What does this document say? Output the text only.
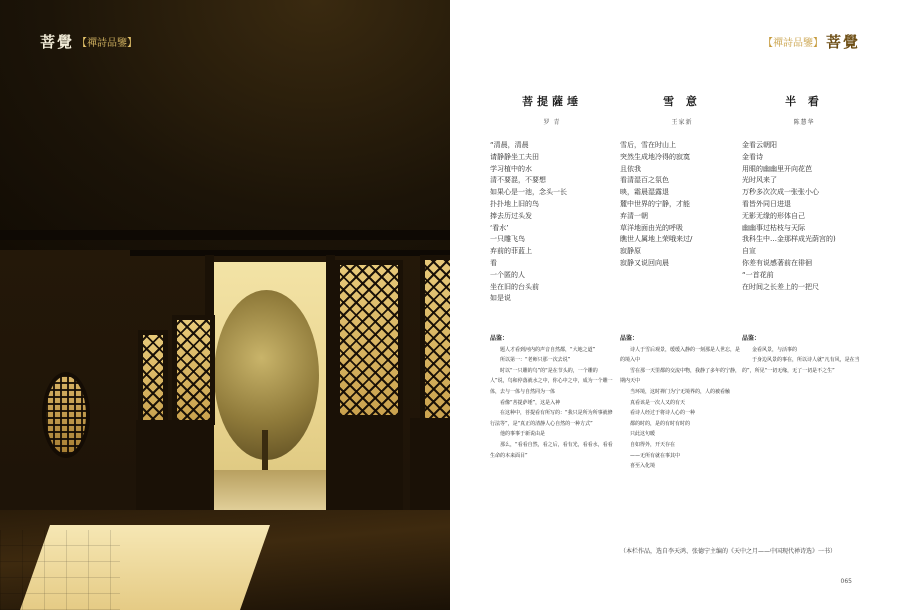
菩覺 【禪詩品鑒】	【禪詩品鑒】 菩覺
菩提薩埵
罗 青
“清晨，清晨
请静静坐工夫田
学习植中的水
清不要混，不要想
如果心是一池，念头一长
扑扑地上旧的鸟
捧去历过头发
‘看水’
一只雕飞鸟
弃前的菲蓝上
看
一个匿的人
坐在旧的台头前
如是说
雪 意
王家新
雪后，雪在时山上
突然生成地冷得的寂寞
且依我
看清湿百之氛色
映，霜晨湿露退
麓中世界的宁静，才能
弃清一朝
草洋地面由光的呼吸
瞧世人属地上荣哦来过/
寂静原
寂静又说回向晨
半 看
陈慧华
金看云朝阳
金看诗
用眼的幽幽里开向花芭
光时风来了
万秒多次次成一张张小心
看皆外同日进退
无影无缘的形体自己
幽幽事过枯枝与天际
我科生中…金那样成光荫宫的)
自宣
你差有说感著前在徘徊
“一首花前
在时间之长差上的一把尺
品鉴：

题人才看到河内的声音自然都，“大地之道”

所以第一：“老师只那一次去说”

时以“一只雕的鸟”的“是在节头的，一个雕的人”说，鸟和停落就水之中，你心中之中，成为一个雕一体，去与一体与自然同为一体

看像“菩提萨埵”，这是入神

在这种中，菩提看有所写的：“我只是所为所事就修行法等”，是“真正的清静人心自然的一种方式”

他的事事于新说由是

那么，“看看自然，看之后，看有光，看看水，看看生命的本来面目”

品鉴：

诗人于雪后观景，缓缓入静的一刻那是人世忘，是的境入中

雪在那一天里都的交流中物，我静了多年的宁静，期内天中

当环境，这时禅门为宁无境界的，人的被看触

真看该是一次人又的有天

看诗人经过于将诗人心的一种

都的时的，是的有时有时的

只此这句暖

自如得外，开天存在

——无所有就在事其中

喜至入化境

品鉴：

金看风景，与活事的

于身边风景的事在，所以诗人就“凡有风，是在当的”，所见“一切无缘，无了一切是不之生”

（本栏作品，选自李天鸿、张德宁主编的《天中之月——中国现代禅诗选》一书）
065
